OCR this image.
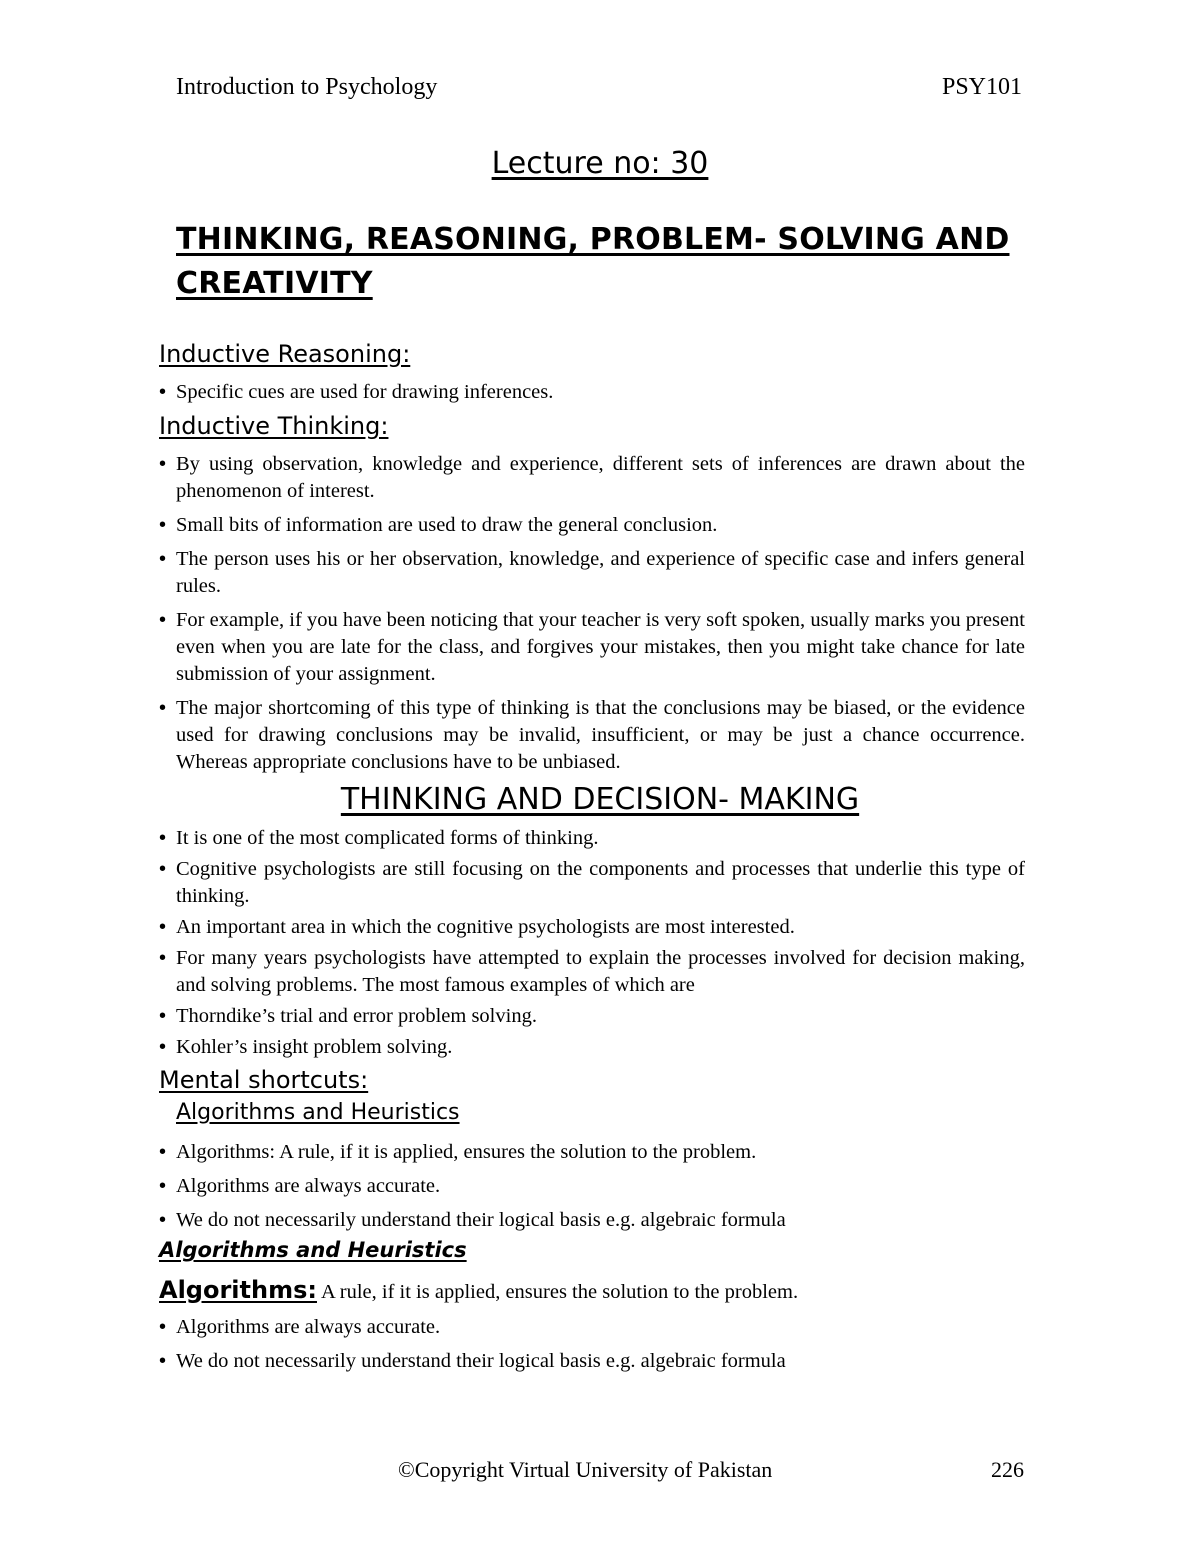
Introduction to Psychology	PSY101
Lecture no: 30
THINKING, REASONING, PROBLEM- SOLVING AND CREATIVITY
Inductive Reasoning:
• Specific cues are used for drawing inferences.
Inductive Thinking:
• By using observation, knowledge and experience, different sets of inferences are drawn about the phenomenon of interest.
• Small bits of information are used to draw the general conclusion.
• The person uses his or her observation, knowledge, and experience of specific case and infers general rules.
• For example, if you have been noticing that your teacher is very soft spoken, usually marks you present even when you are late for the class, and forgives your mistakes, then you might take chance for late submission of your assignment.
• The major shortcoming of this type of thinking is that the conclusions may be biased, or the evidence used for drawing conclusions may be invalid, insufficient, or may be just a chance occurrence. Whereas appropriate conclusions have to be unbiased.
THINKING AND DECISION- MAKING
• It is one of the most complicated forms of thinking.
• Cognitive psychologists are still focusing on the components and processes that underlie this type of thinking.
• An important area in which the cognitive psychologists are most interested.
• For many years psychologists have attempted to explain the processes involved for decision making, and solving problems. The most famous examples of which are
• Thorndike’s trial and error problem solving.
• Kohler’s insight problem solving.
Mental shortcuts:
Algorithms and Heuristics
• Algorithms: A rule, if it is applied, ensures the solution to the problem.
• Algorithms are always accurate.
• We do not necessarily understand their logical basis e.g. algebraic formula
Algorithms and Heuristics
Algorithms: A rule, if it is applied, ensures the solution to the problem.
• Algorithms are always accurate.
• We do not necessarily understand their logical basis e.g. algebraic formula
©Copyright Virtual University of Pakistan	226
